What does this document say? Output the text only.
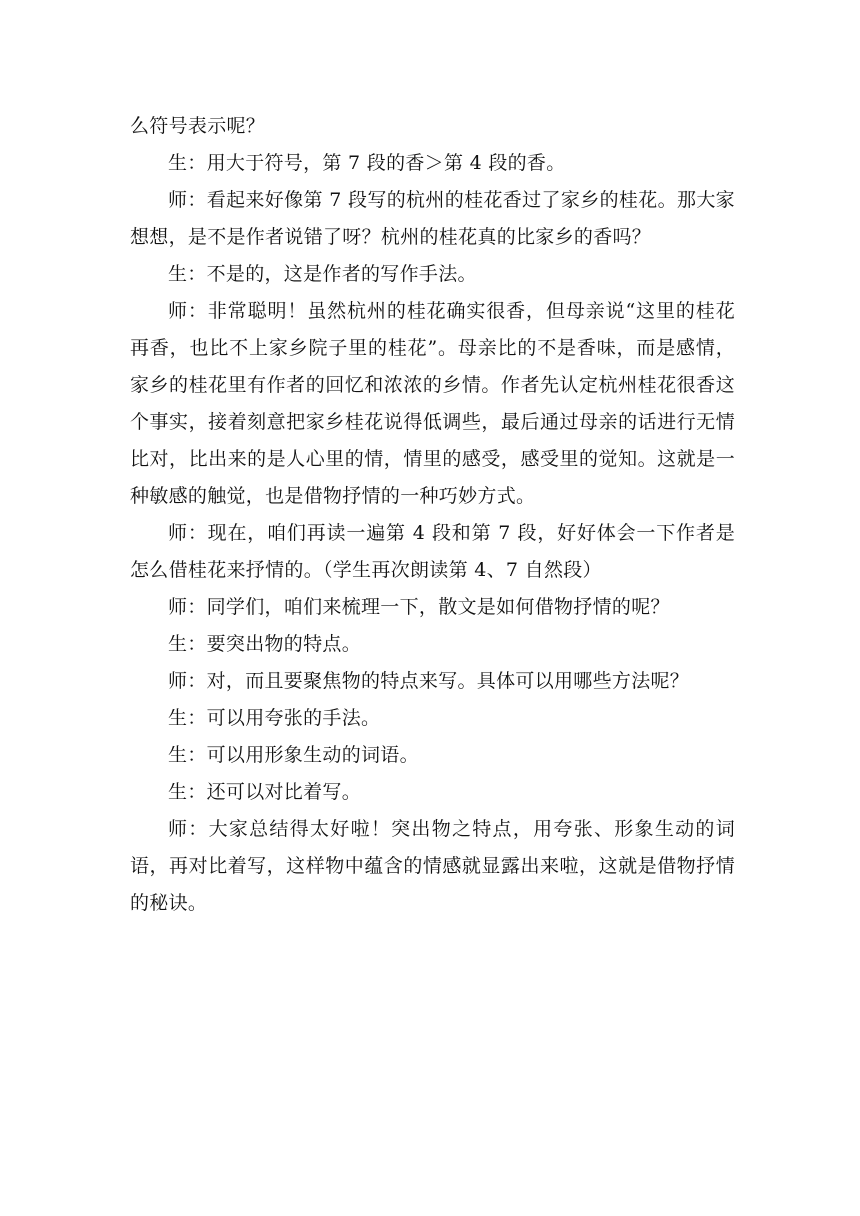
么符号表示呢？

生：用大于符号，第 7 段的香＞第 4 段的香。

师：看起来好像第 7 段写的杭州的桂花香过了家乡的桂花。那大家想想，是不是作者说错了呀？杭州的桂花真的比家乡的香吗？

生：不是的，这是作者的写作手法。

师：非常聪明！虽然杭州的桂花确实很香，但母亲说“这里的桂花再香，也比不上家乡院子里的桂花”。母亲比的不是香味，而是感情，家乡的桂花里有作者的回忆和浓浓的乡情。作者先认定杭州桂花很香这个事实，接着刻意把家乡桂花说得低调些，最后通过母亲的话进行无情比对，比出来的是人心里的情，情里的感受，感受里的觉知。这就是一种敏感的触觉，也是借物抒情的一种巧妙方式。

师：现在，咱们再读一遍第 4 段和第 7 段，好好体会一下作者是怎么借桂花来抒情的。（学生再次朗读第 4、7 自然段）

师：同学们，咱们来梳理一下，散文是如何借物抒情的呢？

生：要突出物的特点。

师：对，而且要聚焦物的特点来写。具体可以用哪些方法呢？

生：可以用夸张的手法。

生：可以用形象生动的词语。

生：还可以对比着写。

师：大家总结得太好啦！突出物之特点，用夸张、形象生动的词语，再对比着写，这样物中蕴含的情感就显露出来啦，这就是借物抒情的秘诀。
